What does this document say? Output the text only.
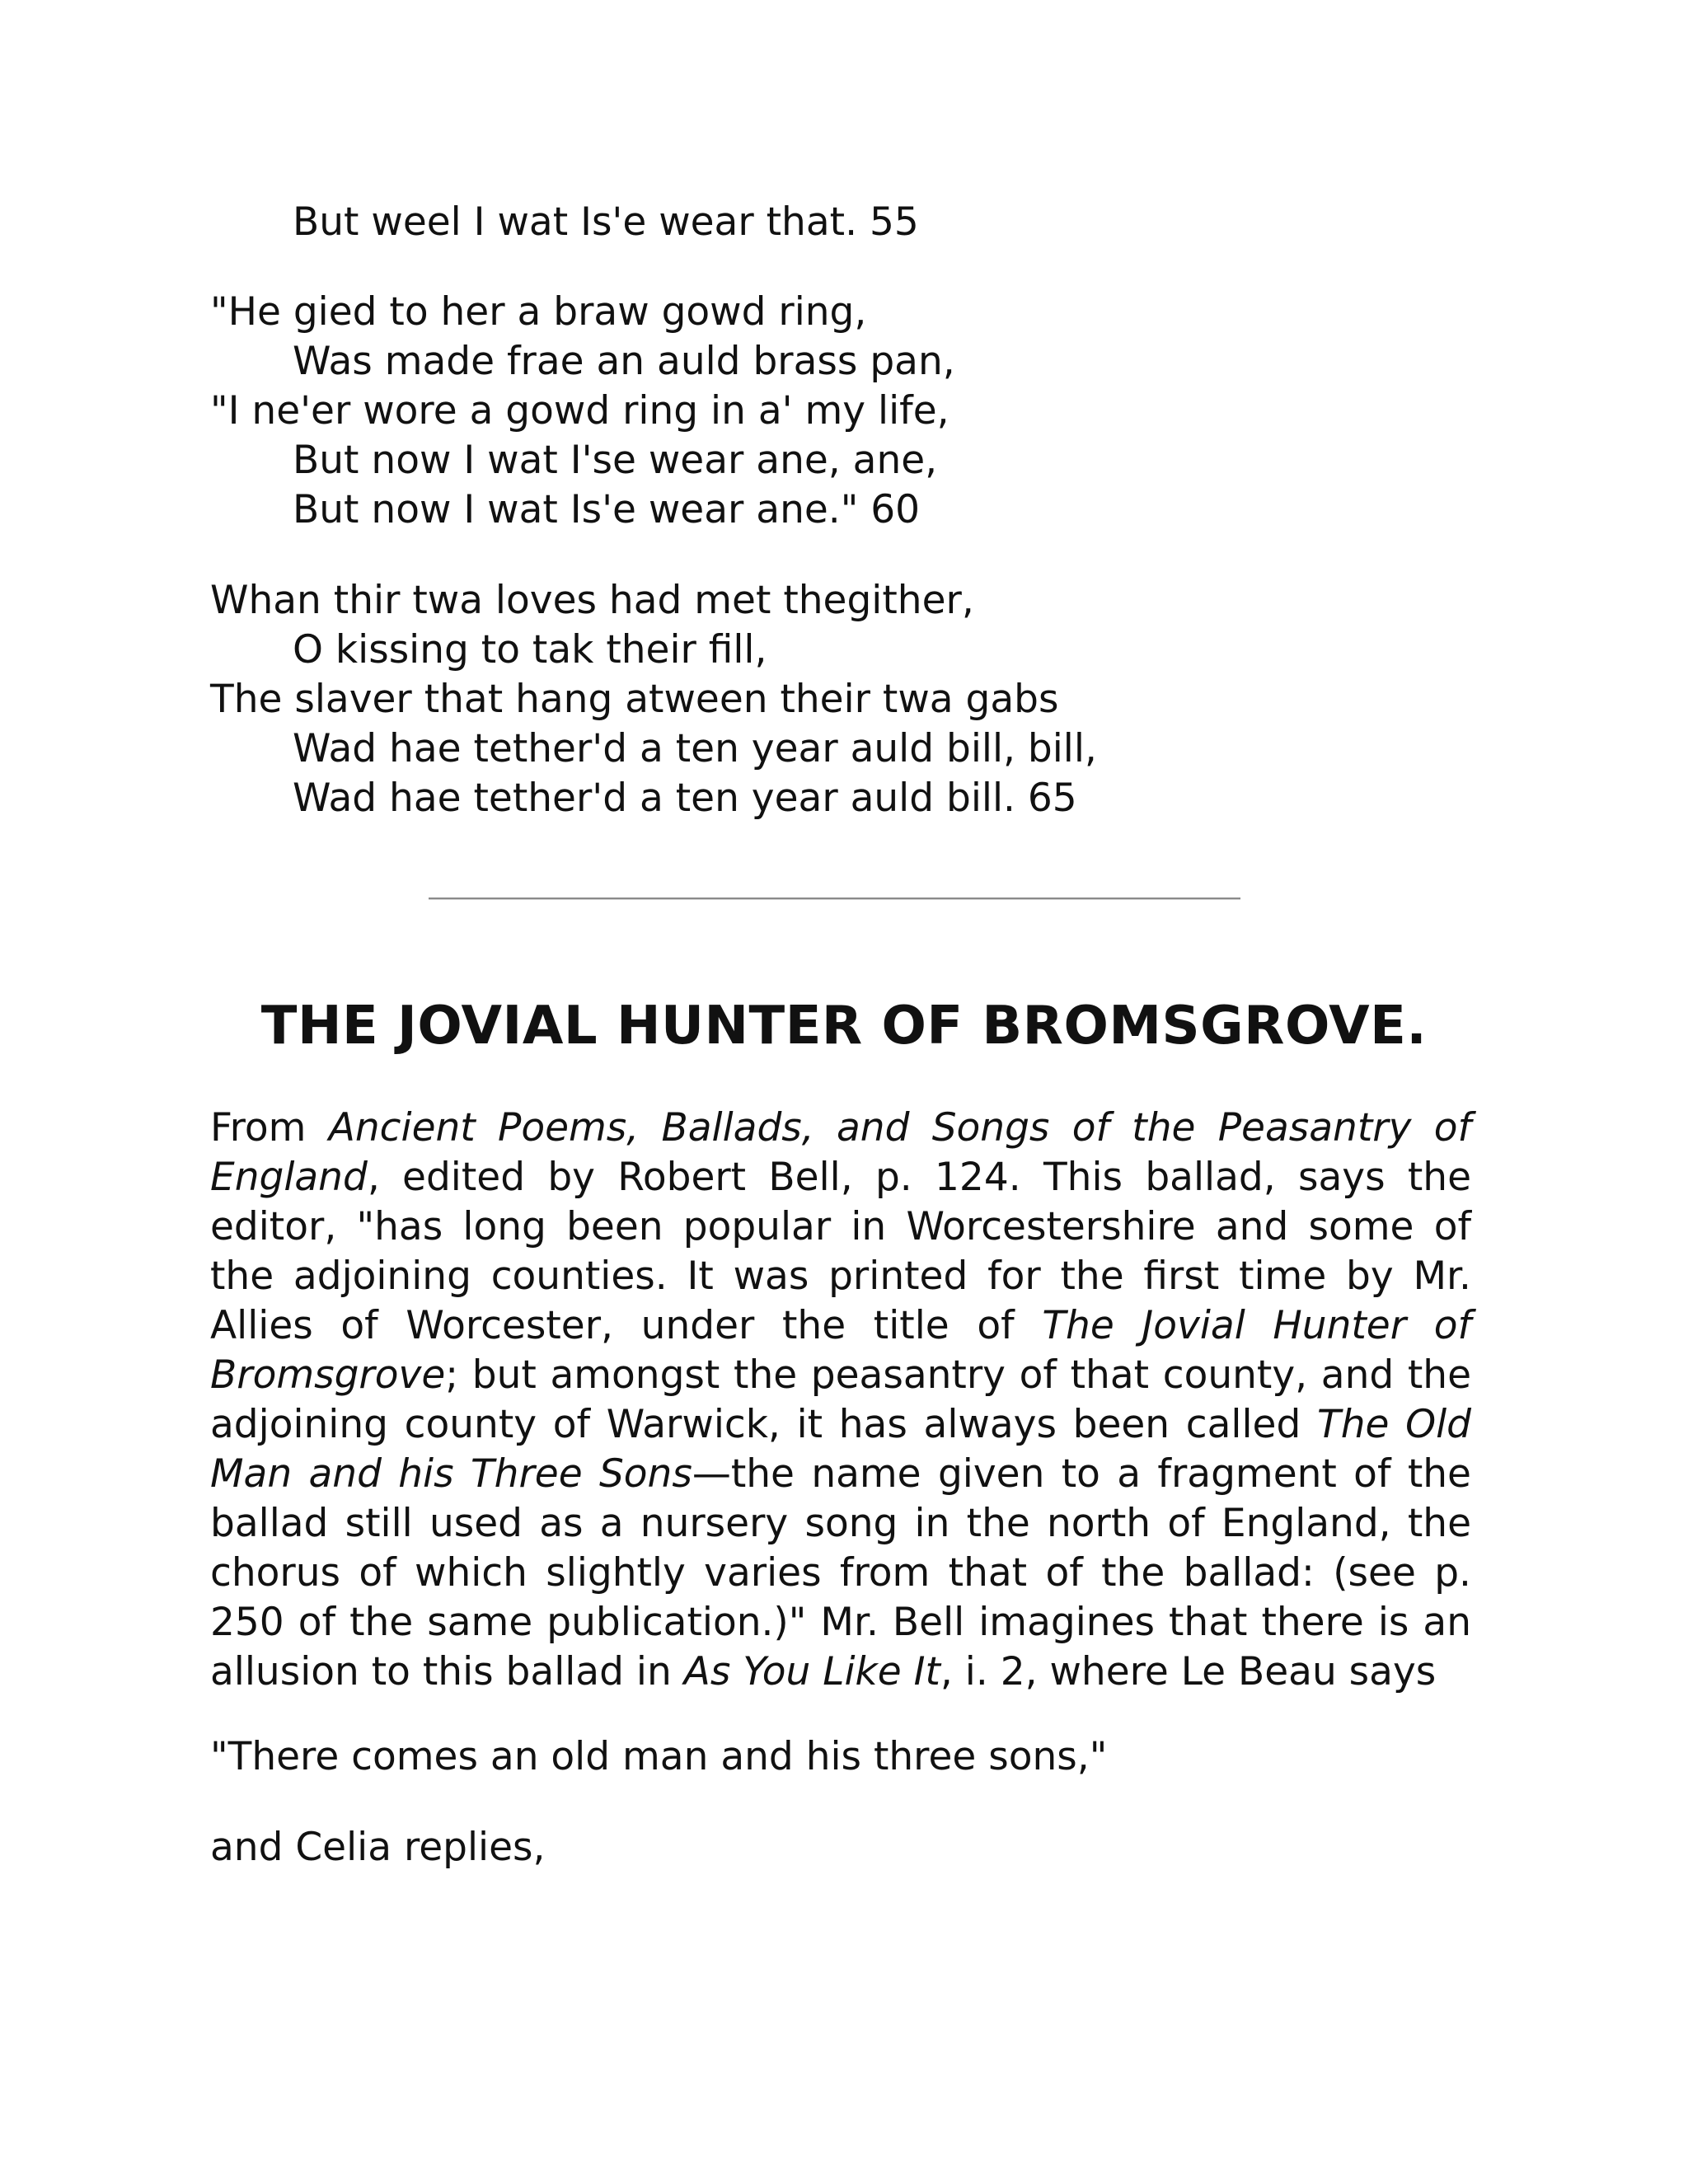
But weel I wat Is'e wear that. 55
"He gied to her a braw gowd ring,
Was made frae an auld brass pan,
"I ne'er wore a gowd ring in a' my life,
But now I wat I'se wear ane, ane,
But now I wat Is'e wear ane." 60
Whan thir twa loves had met thegither,
O kissing to tak their fill,
The slaver that hang atween their twa gabs
Wad hae tether'd a ten year auld bill, bill,
Wad hae tether'd a ten year auld bill. 65
THE JOVIAL HUNTER OF BROMSGROVE.

From Ancient Poems, Ballads, and Songs of the Peasantry of England, edited by Robert Bell, p. 124. This ballad, says the editor, "has long been popular in Worcestershire and some of the adjoining counties. It was printed for the first time by Mr. Allies of Worcester, under the title of The Jovial Hunter of Bromsgrove; but amongst the peasantry of that county, and the adjoining county of Warwick, it has always been called The Old Man and his Three Sons—the name given to a fragment of the ballad still used as a nursery song in the north of England, the chorus of which slightly varies from that of the ballad: (see p. 250 of the same publication.)" Mr. Bell imagines that there is an allusion to this ballad in As You Like It, i. 2, where Le Beau says

"There comes an old man and his three sons,"

and Celia replies,
